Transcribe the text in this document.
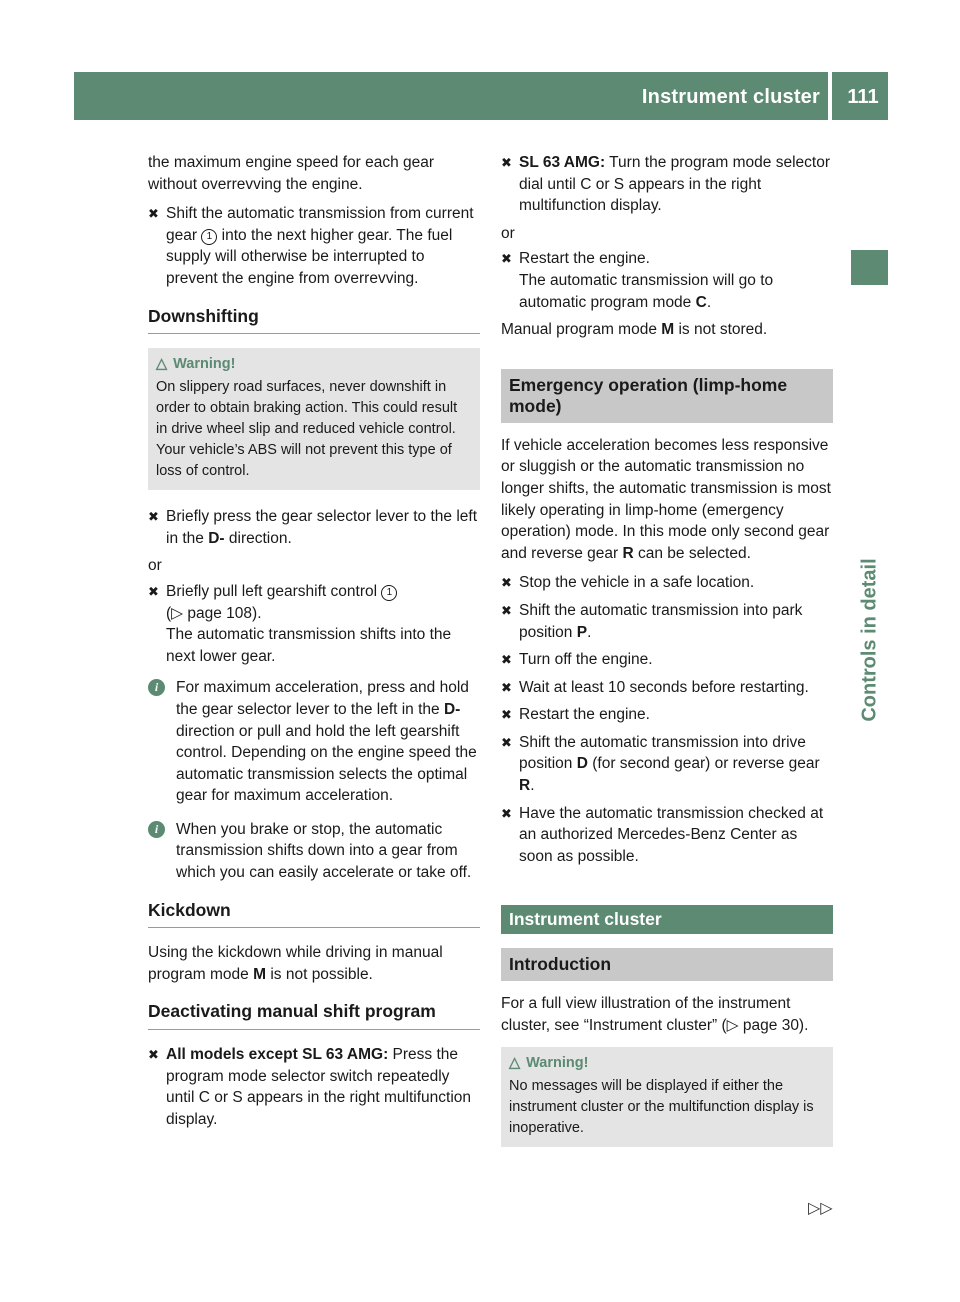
Instrument cluster	111
Controls in detail

the maximum engine speed for each gear without overrevving the engine.

✖ Shift the automatic transmission from current gear 1 into the next higher gear. The fuel supply will otherwise be interrupted to prevent the engine from overrevving.
Downshifting
△ Warning!
On slippery road surfaces, never downshift in order to obtain braking action. This could result in drive wheel slip and reduced vehicle control. Your vehicle’s ABS will not prevent this type of loss of control.
✖ Briefly press the gear selector lever to the left in the D- direction.

or

✖ Briefly pull left gearshift control 1
(▷ page 108).
The automatic transmission shifts into the next lower gear.
i	For maximum acceleration, press and hold the gear selector lever to the left in the D- direction or pull and hold the left gearshift control. Depending on the engine speed the automatic transmission selects the optimal gear for maximum acceleration.
i	When you brake or stop, the automatic transmission shifts down into a gear from which you can easily accelerate or take off.
Kickdown

Using the kickdown while driving in manual program mode M is not possible.

Deactivating manual shift program
✖ All models except SL 63 AMG: Press the program mode selector switch repeatedly until C or S appears in the right multifunction display.
✖ SL 63 AMG: Turn the program mode selector dial until C or S appears in the right multifunction display.

or

✖ Restart the engine.
The automatic transmission will go to automatic program mode C.

Manual program mode M is not stored.

Emergency operation (limp-home mode)

If vehicle acceleration becomes less responsive or sluggish or the automatic transmission no longer shifts, the automatic transmission is most likely operating in limp-home (emergency operation) mode. In this mode only second gear and reverse gear R can be selected.

✖ Stop the vehicle in a safe location.
✖ Shift the automatic transmission into park position P.
✖ Turn off the engine.
✖ Wait at least 10 seconds before restarting.
✖ Restart the engine.
✖ Shift the automatic transmission into drive position D (for second gear) or reverse gear R.
✖ Have the automatic transmission checked at an authorized Mercedes-Benz Center as soon as possible.
Instrument cluster
Introduction

For a full view illustration of the instrument cluster, see “Instrument cluster” (▷ page 30).

△ Warning!
No messages will be displayed if either the instrument cluster or the multifunction display is inoperative.
▷▷
